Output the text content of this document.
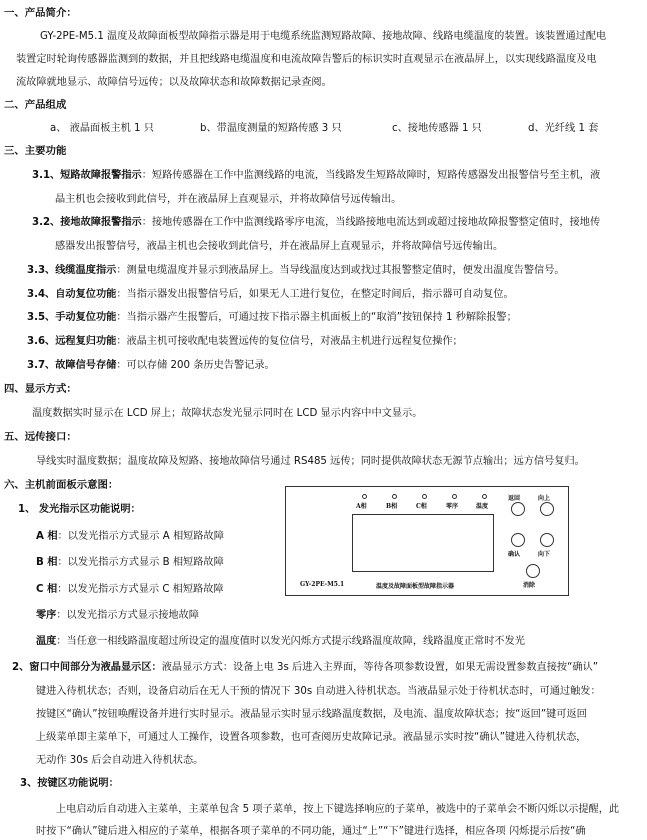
一、产品简介：
GY-2PE-M5.1 温度及故障面板型故障指示器是用于电缆系统监测短路故障、接地故障、线路电缆温度的装置。该装置通过配电
装置定时轮询传感器监测到的数据，并且把线路电缆温度和电流故障告警后的标识实时直观显示在液晶屏上，以实现线路温度及电
流故障就地显示、故障信号远传；以及故障状态和故障数据记录查阅。
二、产品组成
a、 液晶面板主机 1 只	b、带温度测量的短路传感 3 只	c、接地传感器 1 只	d、光纤线 1 套
三、主要功能
3.1、短路故障报警指示：短路传感器在工作中监测线路的电流，当线路发生短路故障时，短路传感器发出报警信号至主机，液
晶主机也会接收到此信号，并在液晶屏上直观显示，并将故障信号远传输出。
3.2、接地故障报警指示：接地传感器在工作中监测线路零序电流，当线路接地电流达到或超过接地故障报警整定值时，接地传
感器发出报警信号，液晶主机也会接收到此信号，并在液晶屏上直观显示，并将故障信号远传输出。
3.3、线缆温度指示：测量电缆温度并显示到液晶屏上。当导线温度达到或找过其报警整定值时，便发出温度告警信号。
3.4、自动复位功能：当指示器发出报警信号后，如果无人工进行复位，在整定时间后，指示器可自动复位。
3.5、手动复位功能：当指示器产生报警后，可通过按下指示器主机面板上的“取消”按钮保持 1 秒解除报警；
3.6、远程复归功能：液晶主机可接收配电装置远传的复位信号，对液晶主机进行远程复位操作；
3.7、故障信号存储：可以存储 200 条历史告警记录。
四、显示方式：
温度数据实时显示在 LCD 屏上；故障状态发光显示同时在 LCD 显示内容中中文显示。
五、远传接口：
导线实时温度数据；温度故障及短路、接地故障信号通过 RS485 远传；同时提供故障状态无源节点输出；远方信号复归。
六、主机前面板示意图：
1、 发光指示区功能说明：
A 相：以发光指示方式显示 A 相短路故障
B 相：以发光指示方式显示 B 相短路故障
C 相：以发光指示方式显示 C 相短路故障
零序：以发光指示方式显示接地故障
温度：当任意一相线路温度超过所设定的温度值时以发光闪烁方式提示线路温度故障，线路温度正常时不发光
A相	B相	C相	零序	温度
返回	向上
确认	向下
消除
GY-2PE-M5.1	温度及故障面板型故障指示器
2、窗口中间部分为液晶显示区：液晶显示方式：设备上电 3s 后进入主界面，等待各项参数设置，如果无需设置参数直接按“确认”
键进入待机状态；否则，设备启动后在无人干预的情况下 30s 自动进入待机状态。当液晶显示处于待机状态时，可通过触发：
按键区“确认”按钮唤醒设备并进行实时显示。液晶显示实时显示线路温度数据，及电流、温度故障状态；按“返回”键可返回
上级菜单即主菜单下，可通过人工操作，设置各项参数，也可查阅历史故障记录。液晶显示实时按“确认”键进入待机状态，
无动作 30s 后会自动进入待机状态。
3、按键区功能说明：
上电启动后自动进入主菜单，主菜单包含 5 项子菜单，按上下键选择响应的子菜单，被选中的子菜单会不断闪烁以示提醒，此
时按下“确认”键后进入相应的子菜单，根据各项子菜单的不同功能，通过“上”“下”键进行选择，相应各项 闪烁提示后按“确
